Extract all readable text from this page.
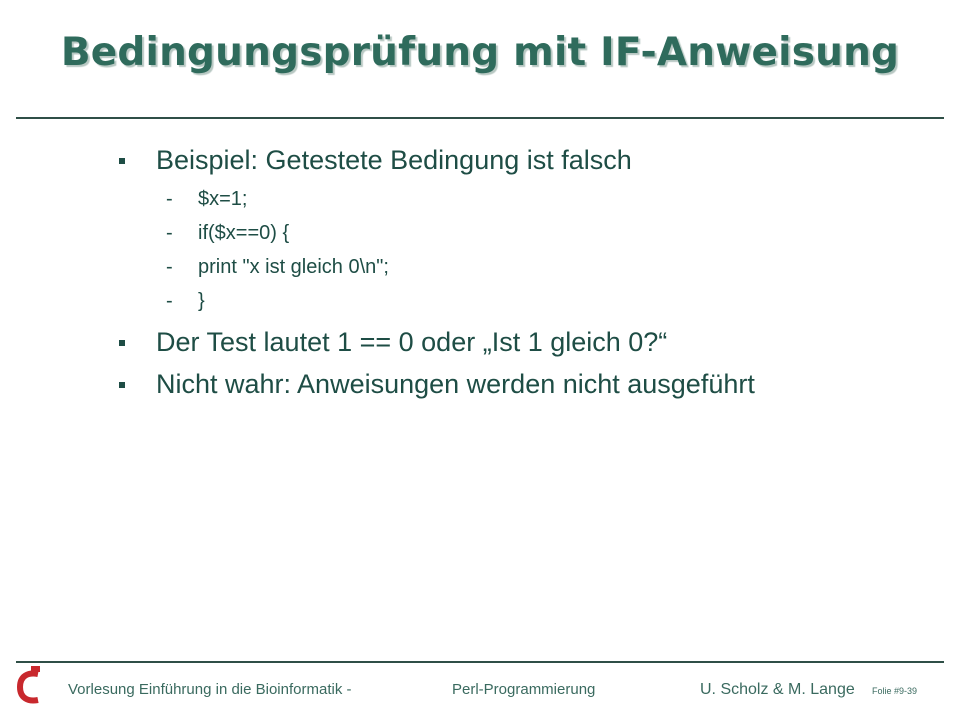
Bedingungsprüfung mit IF-Anweisung
Beispiel: Getestete Bedingung ist falsch
- $x=1;
- if($x==0) {
- print "x ist gleich 0\n";
- }
Der Test lautet 1 == 0 oder „Ist 1 gleich 0?“
Nicht wahr: Anweisungen werden nicht ausgeführt
Vorlesung Einführung in die Bioinformatik -	Perl-Programmierung	U. Scholz & M. Lange Folie #9-39
